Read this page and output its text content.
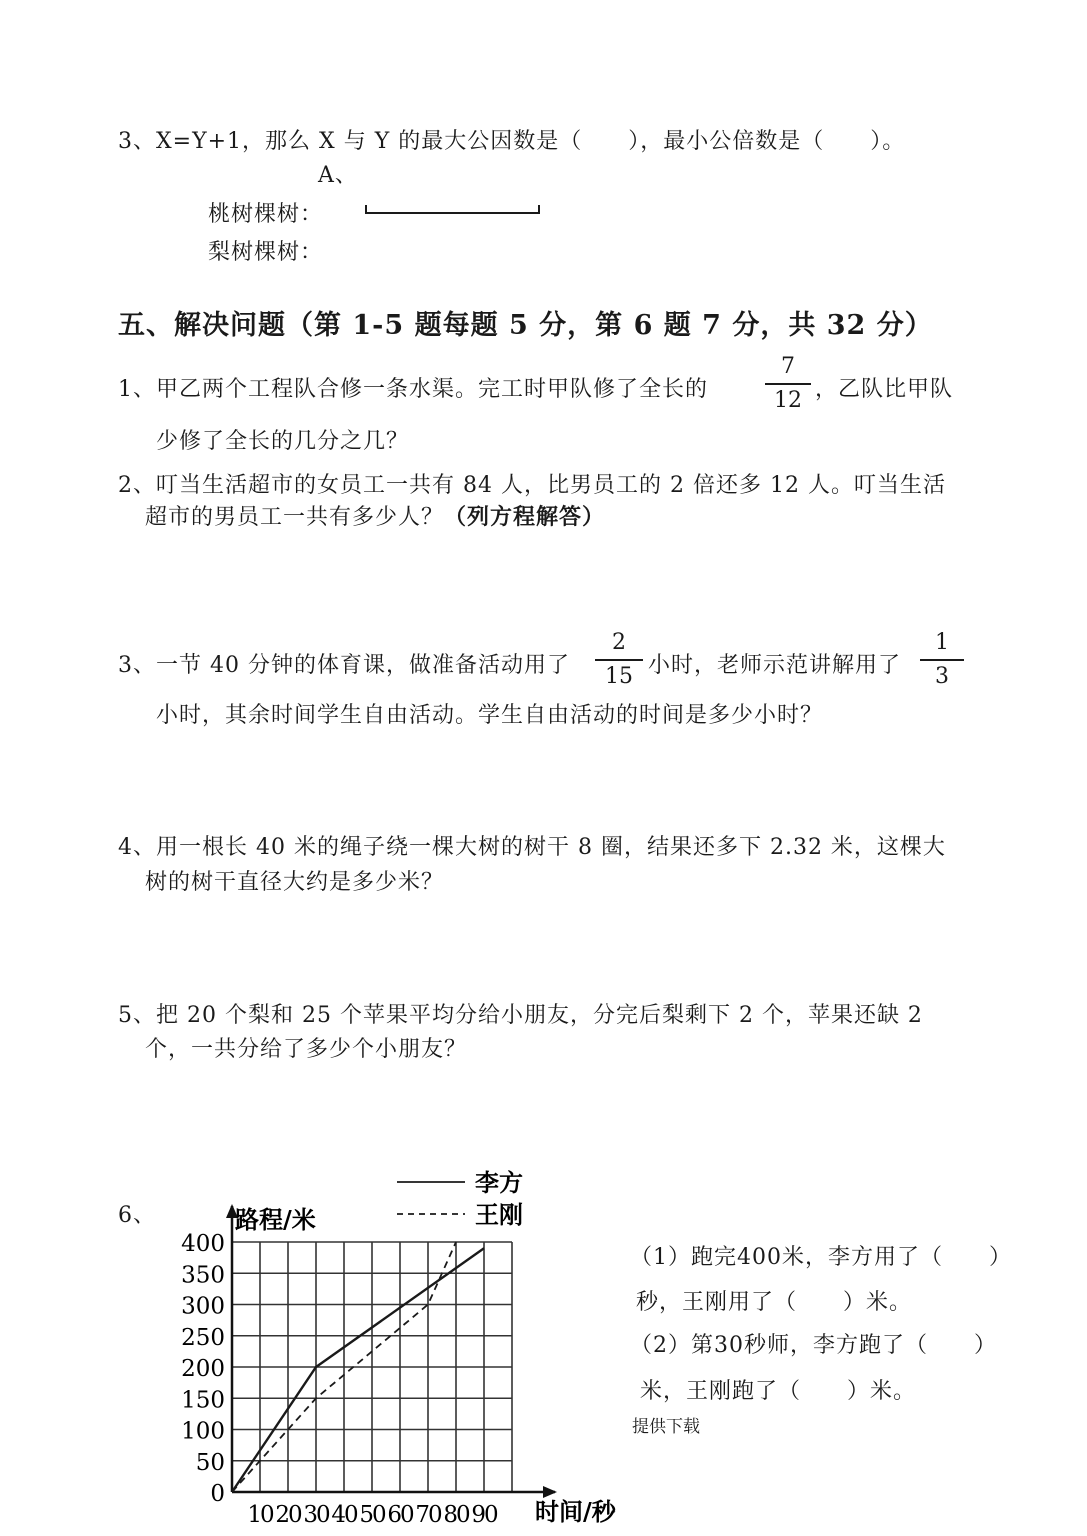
3、X=Y+1，那么 X 与 Y 的最大公因数是（　　），最小公倍数是（　　）。
A、
桃树棵树：
梨树棵树：
五、解决问题（第 1-5 题每题 5 分，第 6 题 7 分，共 32 分）
1、甲乙两个工程队合修一条水渠。完工时甲队修了全长的
7
12 ，乙队比甲队
少修了全长的几分之几？
2、叮当生活超市的女员工一共有 84 人，比男员工的 2 倍还多 12 人。叮当生活
超市的男员工一共有多少人？（列方程解答）
3、一节 40 分钟的体育课，做准备活动用了
2
15 小时，老师示范讲解用了
1
3
小时，其余时间学生自由活动。学生自由活动的时间是多少小时？
4、用一根长 40 米的绳子绕一棵大树的树干 8 圈，结果还多下 2.32 米，这棵大
树的树干直径大约是多少米？
5、把 20 个梨和 25 个苹果平均分给小朋友，分完后梨剩下 2 个，苹果还缺 2
个，一共分给了多少个小朋友？
6、
0
50
100
150
200
250
300
350
400
10 20 30 40 50 60 70 80 90
李方
王刚
路程/米
时间/秒
（1）跑完400米，李方用了（　　）
秒，王刚用了（　　）米。
（2）第30秒师，李方跑了（　　）
米，王刚跑了（　　）米。
提供下载
